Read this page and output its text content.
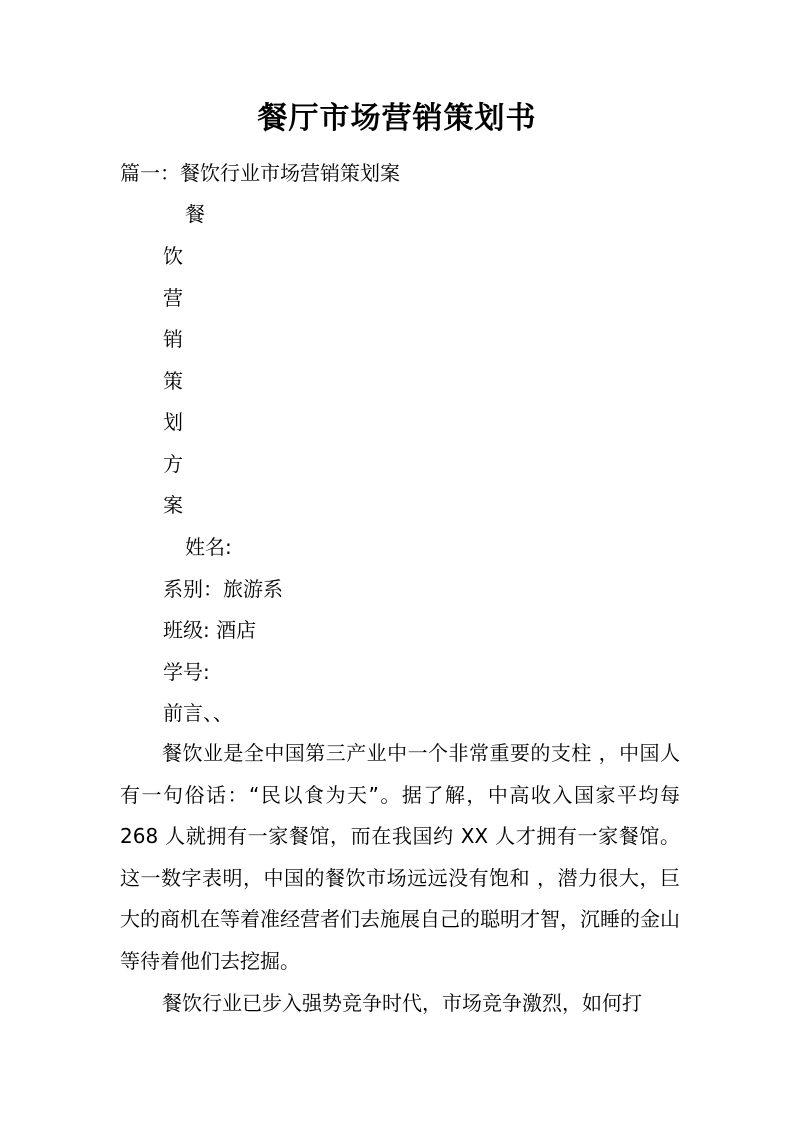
餐厅市场营销策划书
篇一：餐饮行业市场营销策划案
餐
饮
营
销
策
划
方
案
姓名:
系别：旅游系
班级: 酒店
学号:
前言、、
餐饮业是全中国第三产业中一个非常重要的支柱 ，中国人有一句俗话：“民以食为天”。据了解，中高收入国家平均每 268 人就拥有一家餐馆，而在我国约 XX 人才拥有一家餐馆。这一数字表明，中国的餐饮市场远远没有饱和 ，潜力很大，巨大的商机在等着准经营者们去施展自己的聪明才智，沉睡的金山等待着他们去挖掘。
餐饮行业已步入强势竞争时代，市场竞争激烈，如何打
